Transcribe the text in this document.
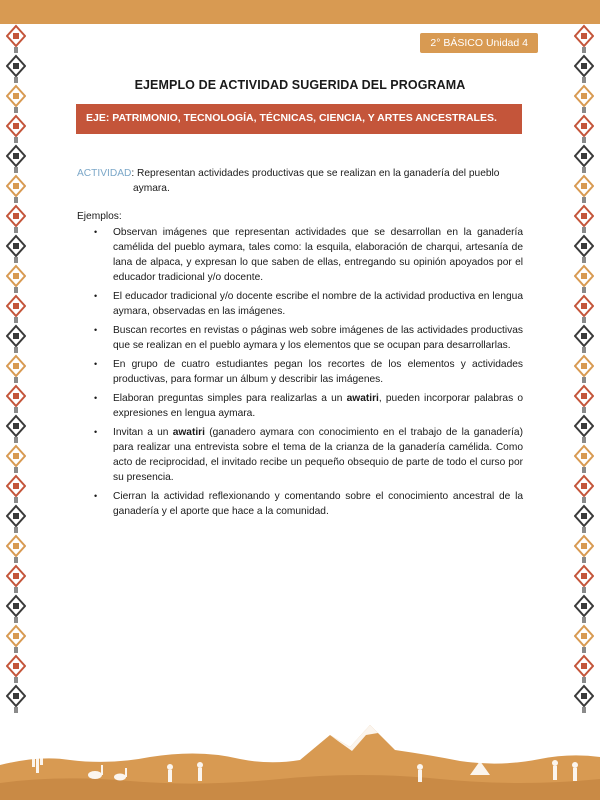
2° BÁSICO Unidad 4
EJEMPLO DE ACTIVIDAD SUGERIDA DEL PROGRAMA
EJE: PATRIMONIO, TECNOLOGÍA, TÉCNICAS, CIENCIA, Y ARTES ANCESTRALES.
ACTIVIDAD: Representan actividades productivas que se realizan en la ganadería del pueblo
aymara.
Ejemplos:
• Observan imágenes que representan actividades que se desarrollan en la ganadería camélida del pueblo aymara, tales como: la esquila, elaboración de charqui, artesanía de lana de alpaca, y expresan lo que saben de ellas, entregando su opinión apoyados por el educador tradicional y/o docente.
• El educador tradicional y/o docente escribe el nombre de la actividad productiva en lengua aymara, observadas en las imágenes.
• Buscan recortes en revistas o páginas web sobre imágenes de las actividades productivas que se realizan en el pueblo aymara y los elementos que se ocupan para desarrollarlas.
• En grupo de cuatro estudiantes pegan los recortes de los elementos y actividades productivas, para formar un álbum y describir las imágenes.
• Elaboran preguntas simples para realizarlas a un awatiri, pueden incorporar palabras o expresiones en lengua aymara.
• Invitan a un awatiri (ganadero aymara con conocimiento en el trabajo de la ganadería) para realizar una entrevista sobre el tema de la crianza de la ganadería camélida. Como acto de reciprocidad, el invitado recibe un pequeño obsequio de parte de todo el curso por su presencia.
• Cierran la actividad reflexionando y comentando sobre el conocimiento ancestral de la ganadería y el aporte que hace a la comunidad.
